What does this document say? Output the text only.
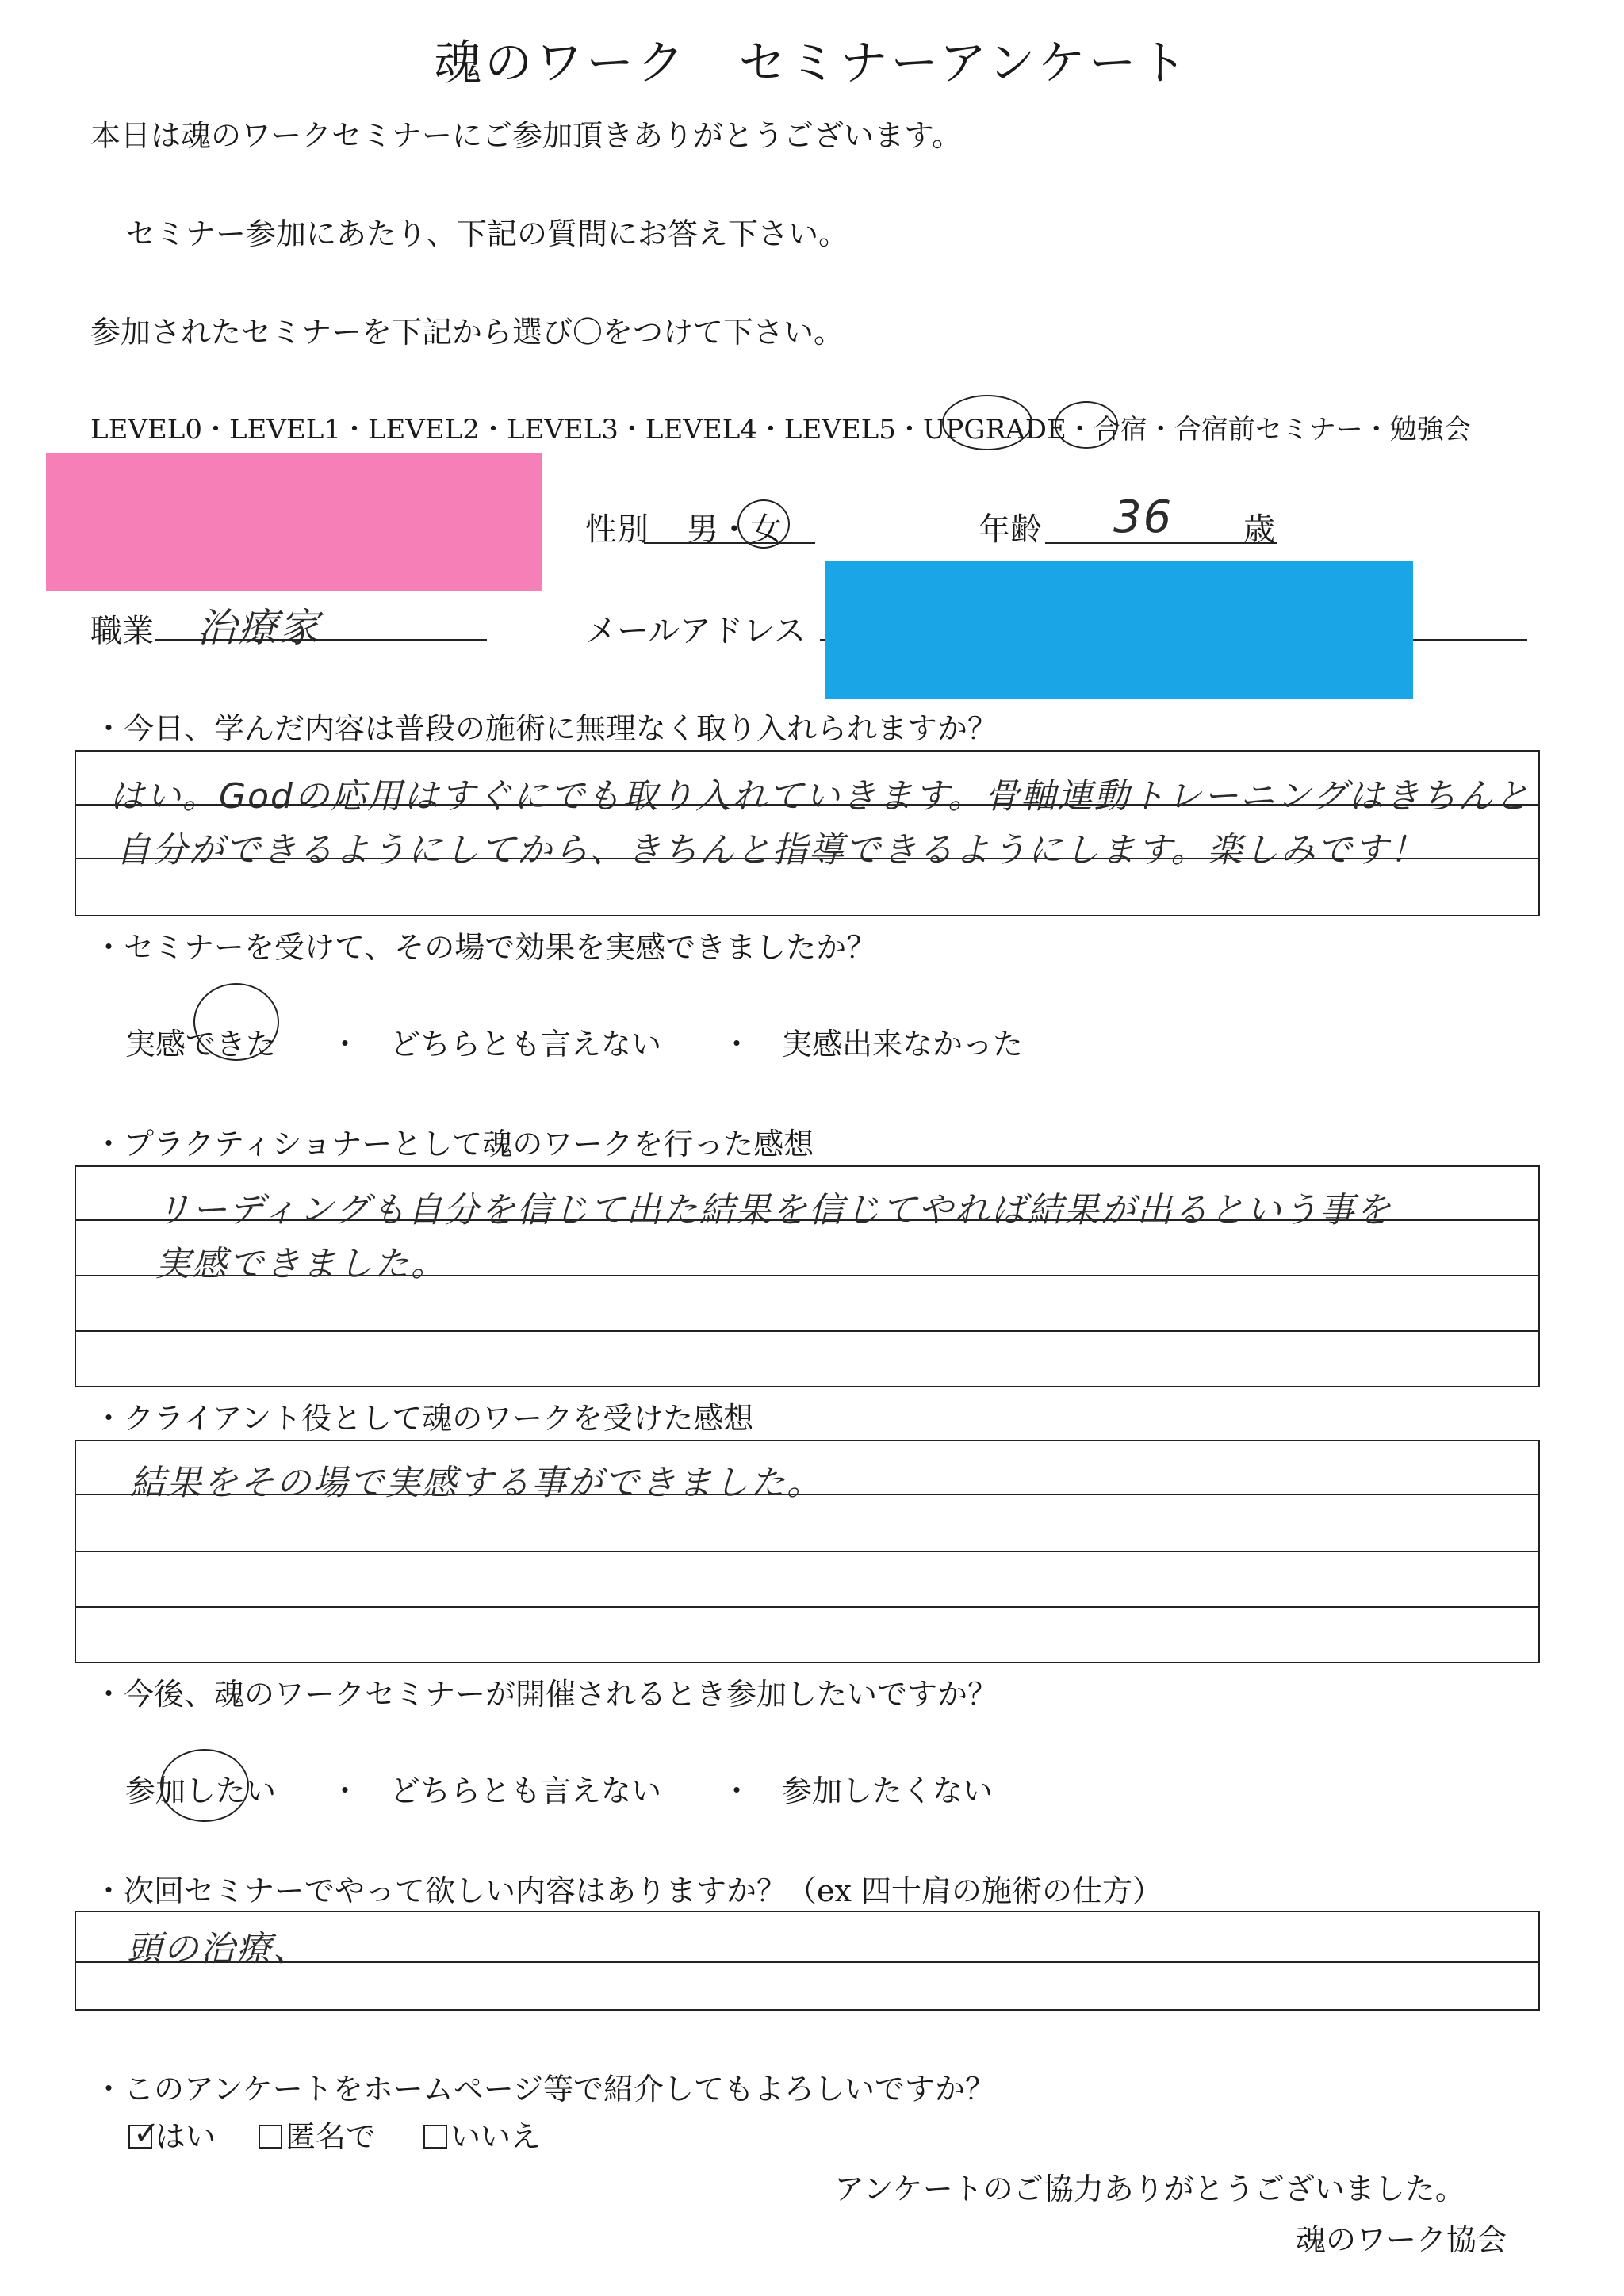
魂のワーク　セミナーアンケート
本日は魂のワークセミナーにご参加頂きありがとうございます。
セミナー参加にあたり、下記の質問にお答え下さい。
参加されたセミナーを下記から選び〇をつけて下さい。
LEVEL0・LEVEL1・LEVEL2・LEVEL3・LEVEL4・LEVEL5・UPGRADE・合宿・合宿前セミナー・勉強会
性別 男・女	年齢 36 歳
職業 治療家	メールアドレス
・今日、学んだ内容は普段の施術に無理なく取り入れられますか？
はい。Godの応用はすぐにでも取り入れていきます。骨軸連動トレーニングはきちんと
自分ができるようにしてから、きちんと指導できるようにします。楽しみです！
・セミナーを受けて、その場で効果を実感できましたか？
実感できた ・ どちらとも言えない ・ 実感出来なかった
・プラクティショナーとして魂のワークを行った感想
リーディングも自分を信じて出た結果を信じてやれば結果が出るという事を
実感できました。
・クライアント役として魂のワークを受けた感想
結果をその場で実感する事ができました。
・今後、魂のワークセミナーが開催されるとき参加したいですか？
参加したい ・ どちらとも言えない ・ 参加したくない
・次回セミナーでやって欲しい内容はありますか？（ex 四十肩の施術の仕方）
頭の治療、
・このアンケートをホームページ等で紹介してもよろしいですか？
✓
はい	匿名で	いいえ
アンケートのご協力ありがとうございました。
魂のワーク協会
